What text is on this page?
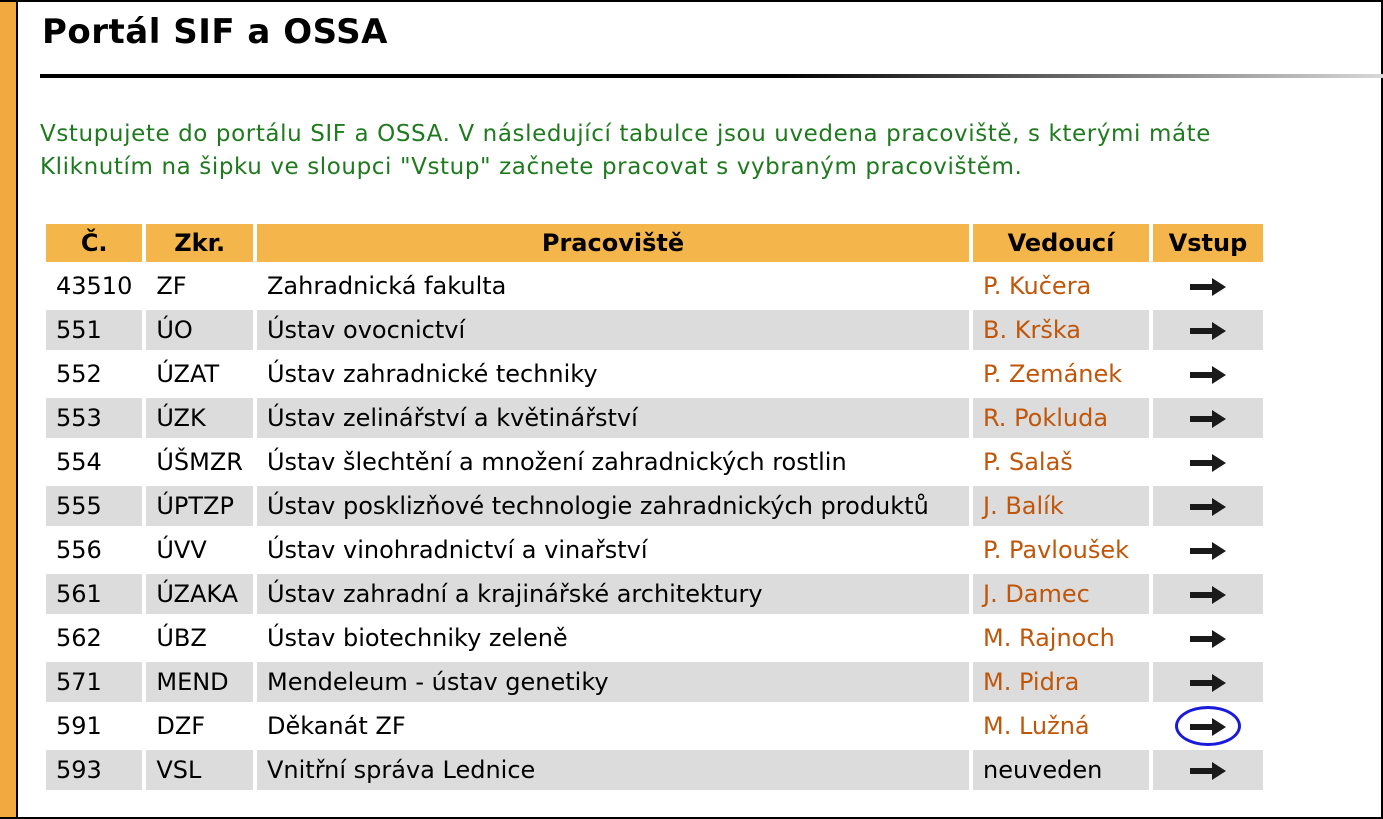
Portál SIF a OSSA
Vstupujete do portálu SIF a OSSA. V následující tabulce jsou uvedena pracoviště, s kterými máte
Kliknutím na šipku ve sloupci "Vstup" začnete pracovat s vybraným pracovištěm.
Č.	Zkr.	Pracoviště	Vedoucí	Vstup
43510	ZF	Zahradnická fakulta	P. Kučera	
551	ÚO	Ústav ovocnictví	B. Krška	
552	ÚZAT	Ústav zahradnické techniky	P. Zemánek	
553	ÚZK	Ústav zelinářství a květinářství	R. Pokluda	
554	ÚŠMZR	Ústav šlechtění a množení zahradnických rostlin	P. Salaš	
555	ÚPTZP	Ústav posklizňové technologie zahradnických produktů	J. Balík	
556	ÚVV	Ústav vinohradnictví a vinařství	P. Pavloušek	
561	ÚZAKA	Ústav zahradní a krajinářské architektury	J. Damec	
562	ÚBZ	Ústav biotechniky zeleně	M. Rajnoch	
571	MEND	Mendeleum - ústav genetiky	M. Pidra	
591	DZF	Děkanát ZF	M. Lužná	

593	VSL	Vnitřní správa Lednice	neuveden	
